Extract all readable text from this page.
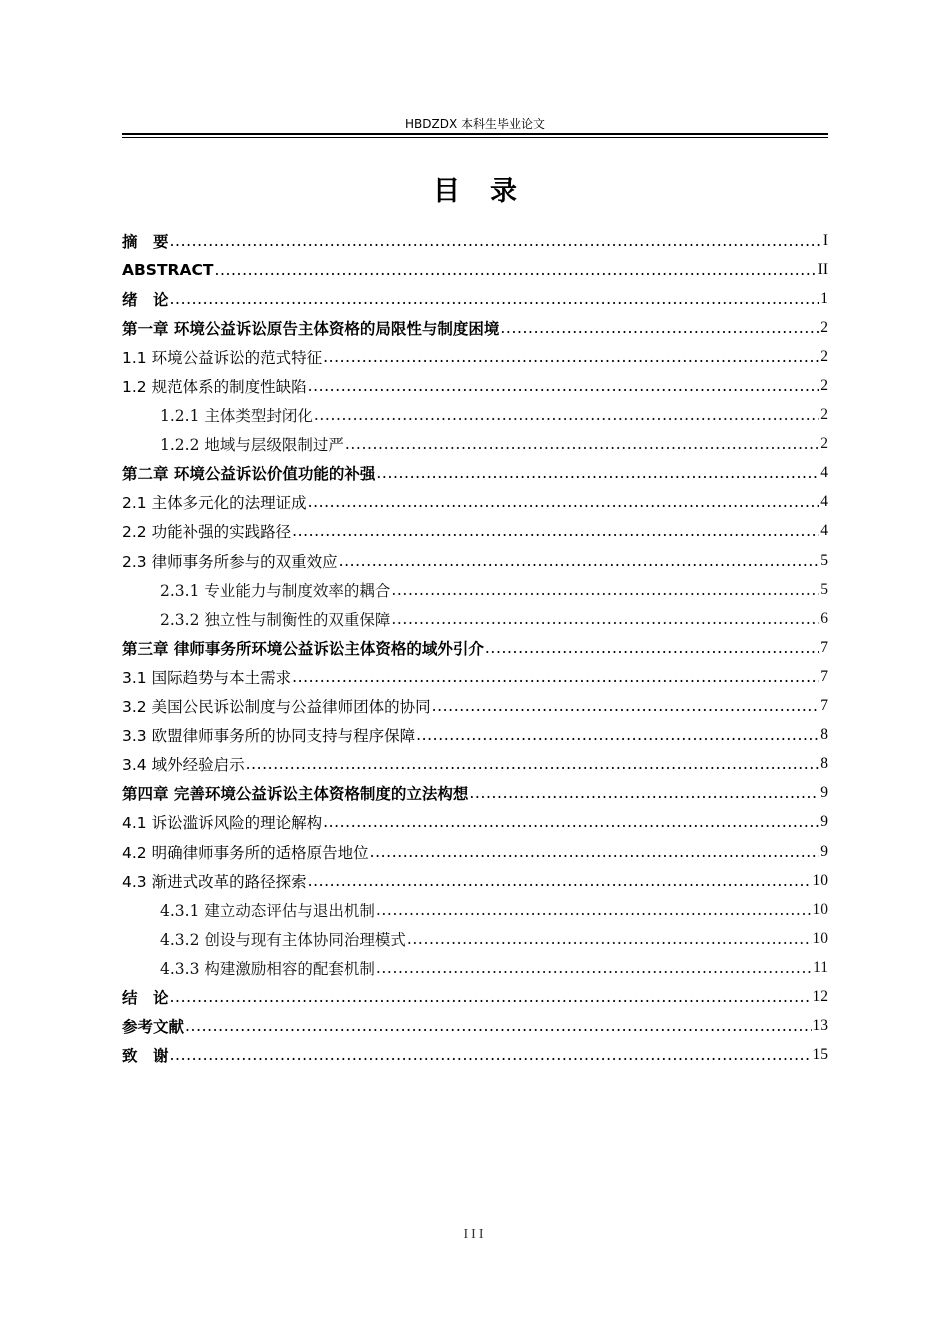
HBDZDX 本科生毕业论文
目录
摘　要 .....	I
ABSTRACT .....	II
绪　论 .....	1
第一章 环境公益诉讼原告主体资格的局限性与制度困境 .....	2
1.1 环境公益诉讼的范式特征 .....	2
1.2 规范体系的制度性缺陷 .....	2
1.2.1 主体类型封闭化 .....	2
1.2.2 地域与层级限制过严 .....	2
第二章 环境公益诉讼价值功能的补强 .....	4
2.1 主体多元化的法理证成 .....	4
2.2 功能补强的实践路径 .....	4
2.3 律师事务所参与的双重效应 .....	5
2.3.1 专业能力与制度效率的耦合 .....	5
2.3.2 独立性与制衡性的双重保障 .....	6
第三章 律师事务所环境公益诉讼主体资格的域外引介 .....	7
3.1 国际趋势与本土需求 .....	7
3.2 美国公民诉讼制度与公益律师团体的协同 .....	7
3.3 欧盟律师事务所的协同支持与程序保障 .....	8
3.4 域外经验启示 .....	8
第四章 完善环境公益诉讼主体资格制度的立法构想 .....	9
4.1 诉讼滥诉风险的理论解构 .....	9
4.2 明确律师事务所的适格原告地位 .....	9
4.3 渐进式改革的路径探索 .....	10
4.3.1 建立动态评估与退出机制 .....	10
4.3.2 创设与现有主体协同治理模式 .....	10
4.3.3 构建激励相容的配套机制 .....	11
结　论 .....	12
参考文献 .....	13
致　谢 .....	15
III
